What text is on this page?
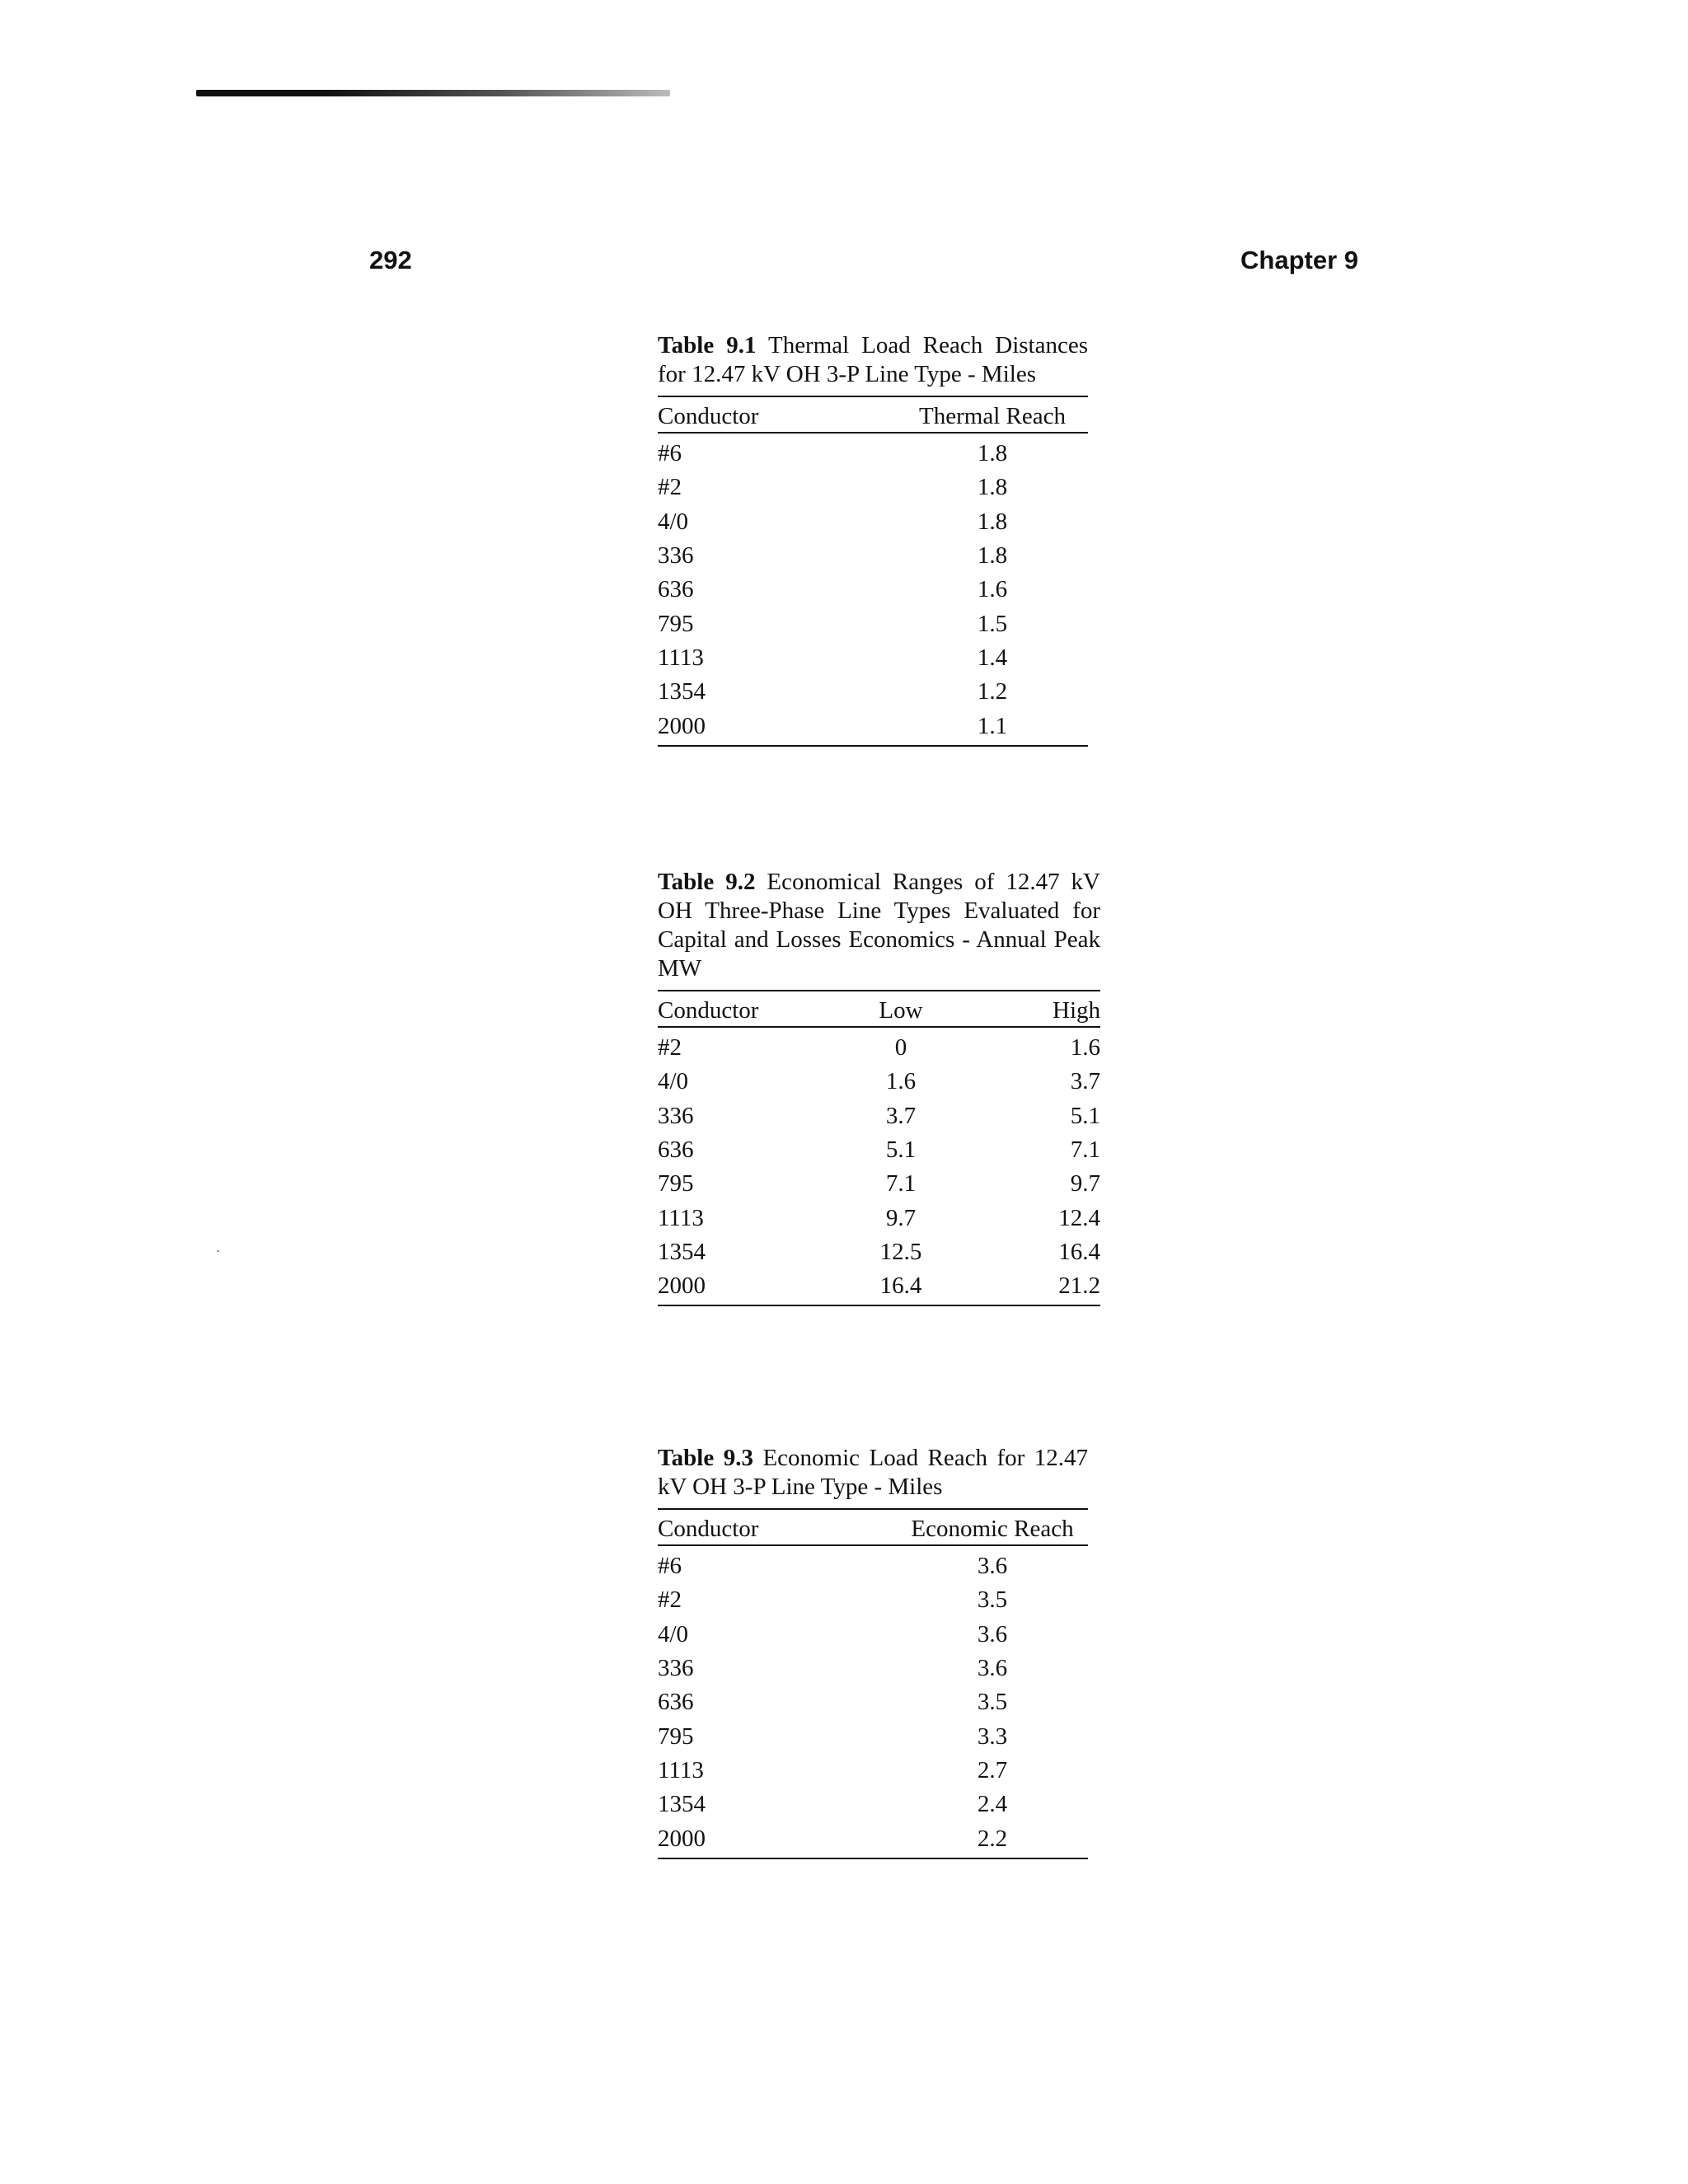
292	Chapter 9
Table 9.1 Thermal Load Reach Distances for 12.47 kV OH 3-P Line Type - Miles
Conductor	Thermal Reach
#6	1.8
#2	1.8
4/0	1.8
336	1.8
636	1.6
795	1.5
1113	1.4
1354	1.2
2000	1.1
Table 9.2 Economical Ranges of 12.47 kV OH Three-Phase Line Types Evaluated for Capital and Losses Economics - Annual Peak MW
Conductor	Low	High
#2	0	1.6
4/0	1.6	3.7
336	3.7	5.1
636	5.1	7.1
795	7.1	9.7
1113	9.7	12.4
1354	12.5	16.4
2000	16.4	21.2
Table 9.3 Economic Load Reach for 12.47 kV OH 3-P Line Type - Miles
Conductor	Economic Reach
#6	3.6
#2	3.5
4/0	3.6
336	3.6
636	3.5
795	3.3
1113	2.7
1354	2.4
2000	2.2
